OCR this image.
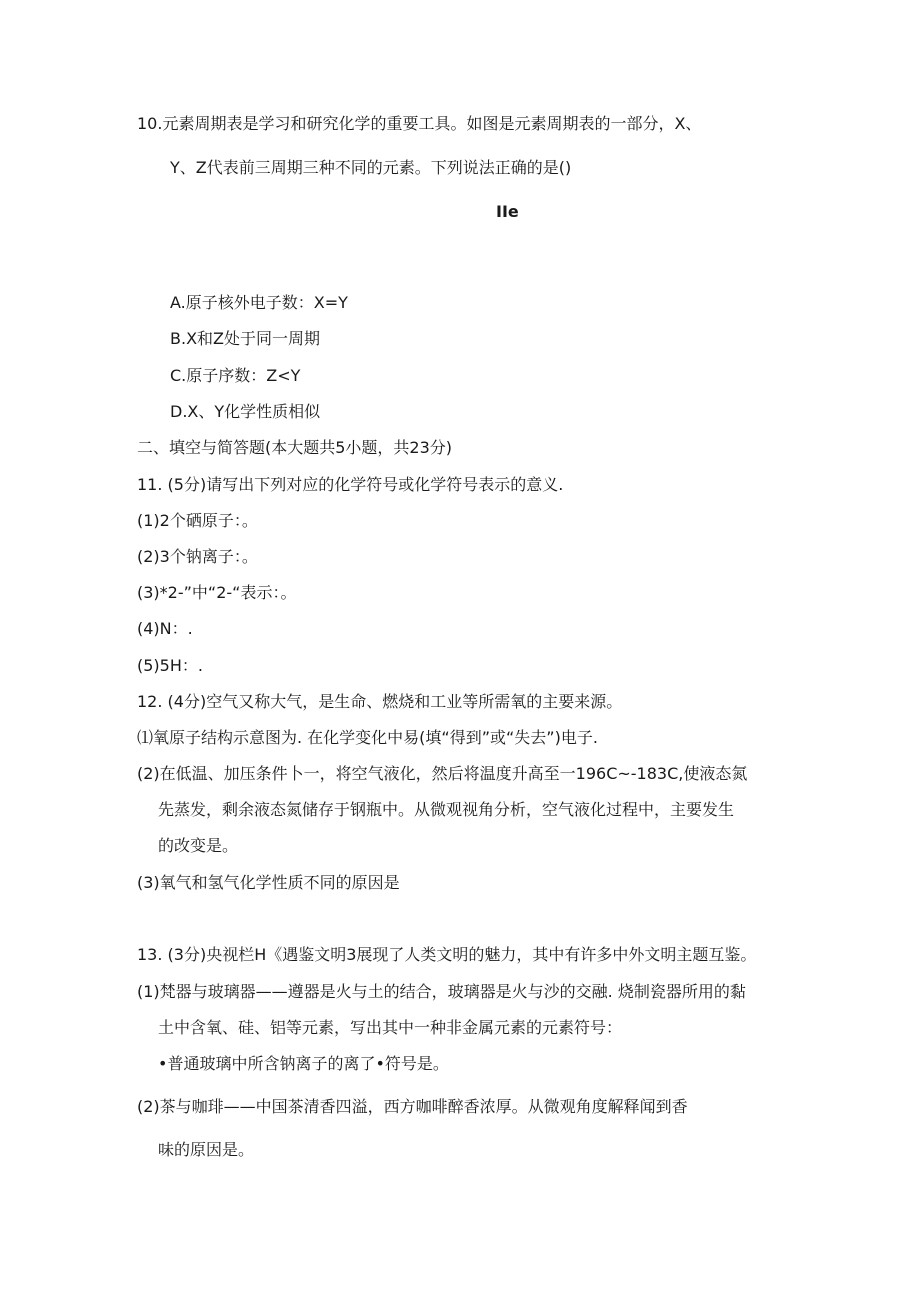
10.元素周期表是学习和研究化学的重要工具。如图是元素周期表的一部分，X、
Y、Z代表前三周期三种不同的元素。下列说法正确的是()
IIe
A.原子核外电子数：X=Y
B.X和Z处于同一周期
C.原子序数：Z<Y
D.X、Y化学性质相似
二、填空与简答题(本大题共5小题，共23分)
11. (5分)请写出下列对应的化学符号或化学符号表示的意义.
(1)2个硒原子：。
(2)3个钠离子：。
(3)*2-”中“2-“表示：。
(4)N：.
(5)5H：.
12. (4分)空气又称大气，是生命、燃烧和工业等所需氧的主要来源。
⑴氧原子结构示意图为. 在化学变化中易(填“得到”或“失去”)电子.
(2)在低温、加压条件卜一，将空气液化，然后将温度升高至一196C~-183C,使液态氮
先蒸发，剩余液态氮储存于钢瓶中。从微观视角分析，空气液化过程中，主要发生
的改变是。
(3)氧气和氢气化学性质不同的原因是
13. (3分)央视栏H《遇鉴文明3展现了人类文明的魅力，其中有许多中外文明主题互鉴。
(1)梵器与玻璃器——遵器是火与土的结合，玻璃器是火与沙的交融. 烧制瓷器所用的黏
土中含氧、硅、铝等元素，写出其中一种非金属元素的元素符号：
•普通玻璃中所含钠离子的离了•符号是。
(2)茶与咖琲——中国茶清香四溢，西方咖啡醉香浓厚。从微观角度解释闻到香
味的原因是。
